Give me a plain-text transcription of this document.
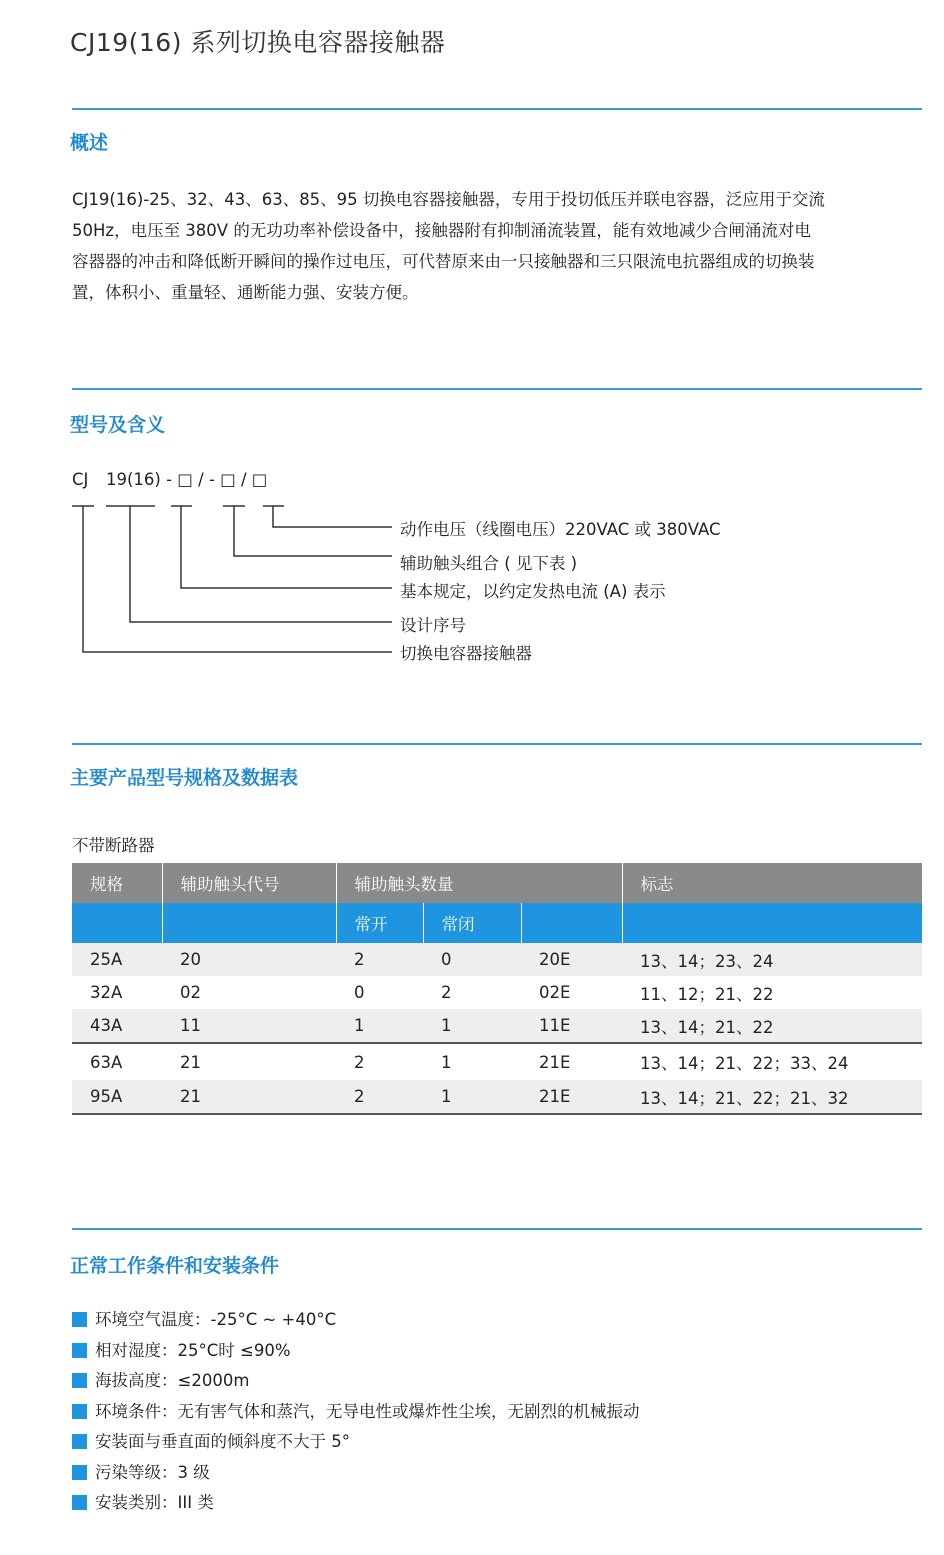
CJ19(16) 系列切换电容器接触器
概述
CJ19(16)-25、32、43、63、85、95 切换电容器接触器，专用于投切低压并联电容器，泛应用于交流
50Hz，电压至 380V 的无功功率补偿设备中，接触器附有抑制涌流装置，能有效地减少合闸涌流对电
容器器的冲击和降低断开瞬间的操作过电压，可代替原来由一只接触器和三只限流电抗器组成的切换装
置，体积小、重量轻、通断能力强、安装方便。
型号及含义
CJ 19(16) - □ / - □ / □
动作电压（线圈电压）220VAC 或 380VAC
辅助触头组合 ( 见下表 )
基本规定，以约定发热电流 (A) 表示
设计序号
切换电容器接触器
主要产品型号规格及数据表
不带断路器
规格	辅助触头代号	辅助触头数量			标志
		常开	常闭		
25A	20	2	0	20E	13、14；23、24
32A	02	0	2	02E	11、12；21、22
43A	11	1	1	11E	13、14；21、22
63A	21	2	1	21E	13、14；21、22；33、24
95A	21	2	1	21E	13、14；21、22；21、32
正常工作条件和安装条件
环境空气温度：-25°C ~ +40°C
相对湿度：25°C时 ≤90%
海拔高度：≤2000m
环境条件：无有害气体和蒸汽，无导电性或爆炸性尘埃，无剧烈的机械振动
安装面与垂直面的倾斜度不大于 5°
污染等级：3 级
安装类别：III 类
